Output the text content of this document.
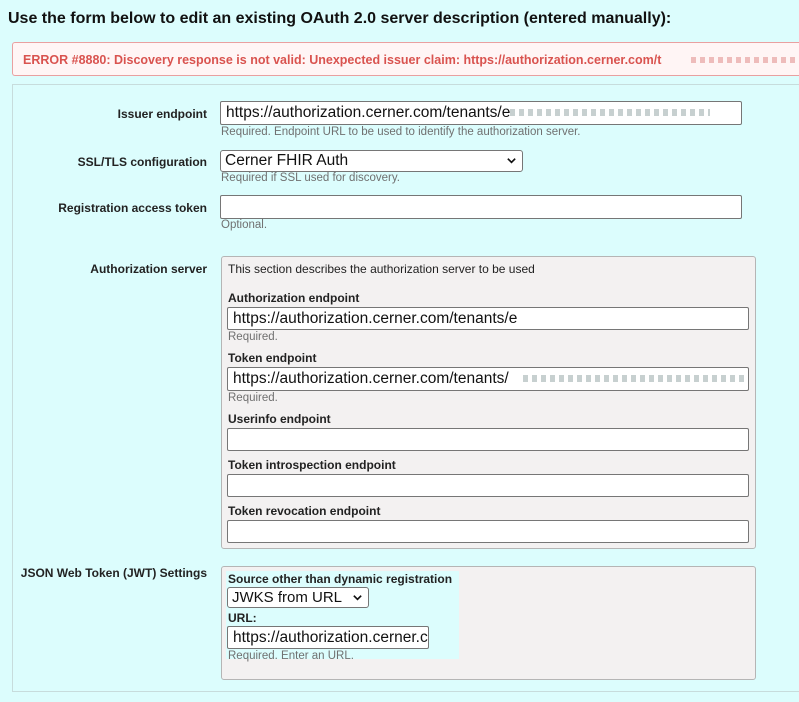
Use the form below to edit an existing OAuth 2.0 server description (entered manually):
ERROR #8880: Discovery response is not valid: Unexpected issuer claim: https://authorization.cerner.com/t
Issuer endpoint	https://authorization.cerner.com/tenants/e
Required. Endpoint URL to be used to identify the authorization server.
SSL/TLS configuration	Cerner FHIR Auth
Required if SSL used for discovery.
Registration access token
Optional.
Authorization server This section describes the authorization server to be used
Authorization endpoint
https://authorization.cerner.com/tenants/e
Required.
Token endpoint
https://authorization.cerner.com/tenants/
Required.
Userinfo endpoint
Token introspection endpoint
Token revocation endpoint
JSON Web Token (JWT) Settings Source other than dynamic registration
JWKS from URL
URL:
https://authorization.cerner.c
Required. Enter an URL.
